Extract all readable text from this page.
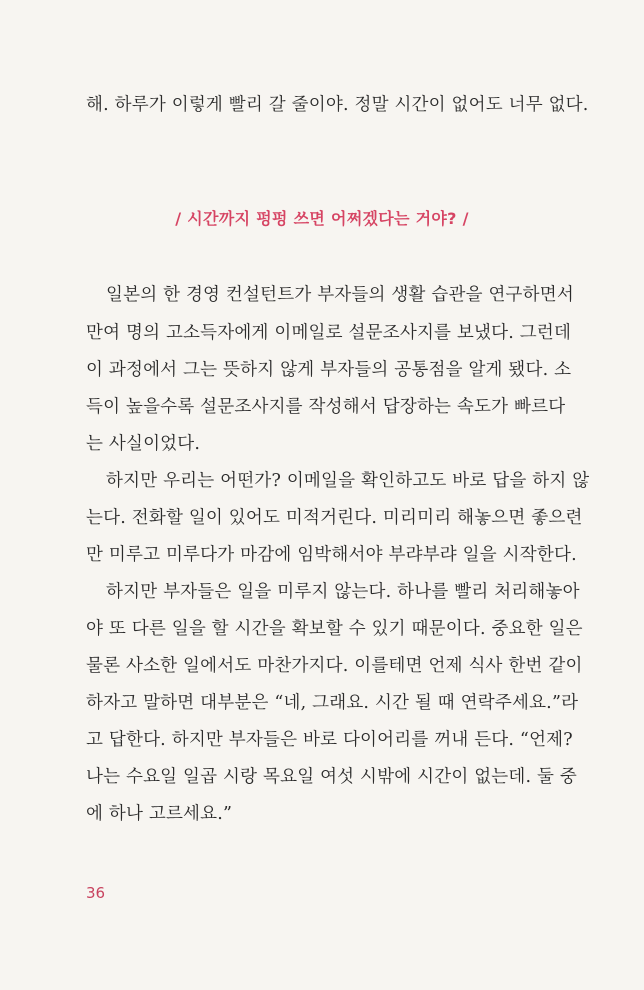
해. 하루가 이렇게 빨리 갈 줄이야. 정말 시간이 없어도 너무 없다.
/ 시간까지 펑펑 쓰면 어쩌겠다는 거야? /
일본의 한 경영 컨설턴트가 부자들의 생활 습관을 연구하면서
만여 명의 고소득자에게 이메일로 설문조사지를 보냈다. 그런데
이 과정에서 그는 뜻하지 않게 부자들의 공통점을 알게 됐다. 소
득이 높을수록 설문조사지를 작성해서 답장하는 속도가 빠르다
는 사실이었다.
하지만 우리는 어떤가? 이메일을 확인하고도 바로 답을 하지 않
는다. 전화할 일이 있어도 미적거린다. 미리미리 해놓으면 좋으련
만 미루고 미루다가 마감에 임박해서야 부랴부랴 일을 시작한다.
하지만 부자들은 일을 미루지 않는다. 하나를 빨리 처리해놓아
야 또 다른 일을 할 시간을 확보할 수 있기 때문이다. 중요한 일은
물론 사소한 일에서도 마찬가지다. 이를테면 언제 식사 한번 같이
하자고 말하면 대부분은 “네, 그래요. 시간 될 때 연락주세요.”라
고 답한다. 하지만 부자들은 바로 다이어리를 꺼내 든다. “언제?
나는 수요일 일곱 시랑 목요일 여섯 시밖에 시간이 없는데. 둘 중
에 하나 고르세요.”
36
